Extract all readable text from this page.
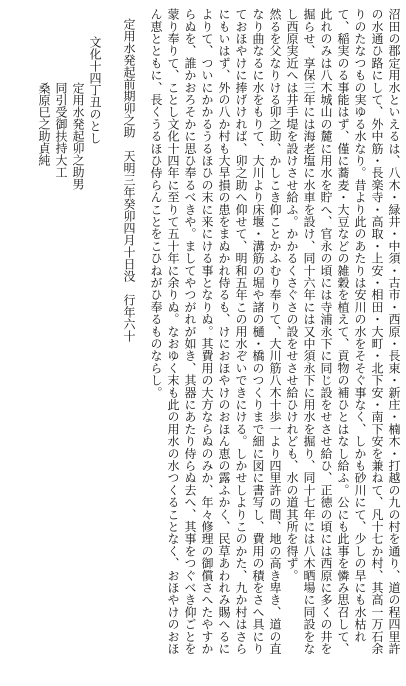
沼田の郡定用水といえるは、八木・緑井・中須・古市・西原・長束・新庄・楠木・打越の九の村を通り、道の程四里許の水通ひ路にして、外中筋・長楽寺・高取・上安・相田・大町・北下安・南下安を兼ねて、凡十七か村、其高一万石余りのたなつもの実ゆる水なり。昔より此のあたりは安川の水をそそぐ事なく、しかも砂川にて、少しの旱にも水枯れて、稲実のる事能はず、僅に蕎麦・大豆などの雑穀を植えて、貢物の補ひとはなし給ふ。公にも此事を憐み思召して、此れのみは八木城山の麓に用水を貯へ、官永の頃には寺浦永下に同じ設をせさせ給ひ、正徳の頃には西原に多くの井を掘らせ、享保三年には海老塩に水車を設け、同十六年には又中須永下に用水を掘り、同十七年には八木晒場に同設をなし西原実近へは井手堤を設けさせ給ふ。かかるくさぐさの設をせさせ給ひけれども、水の道其所を得ず。

然るを父なりける卯之助、かしこき仰ことかふむり奉りて、大川筋八木十歩一より四里許の間、地の高き卑き、道の直なり曲なるに水をもりて、大川より床堰・溝筋の堀や諸の樋・橋のつくりまで細に図に書写し、費用の積をさへ具にりておほやけに捧げければ、卯之助へ仰せて、明和五年この用水ぞいできにける。しかせしよりこのかた、九か村はさらにもいはず、外の八か村も大旱損の患をまぬかれ侍るも、けにおほやけのおほん恵の露ふかく、民草あわれみ賜へるによりて、ついにかかるうるほひの末に来にける事となりぬ。其費用の大方ならぬのみか、年々修理の御償さへたやすからぬを、誰かおろそかに思ひ奉るべきや。ましてやつがれが如き、其器にあたり侍らぬ去へ、其事をつぐべき仰ごとを蒙り奉りて、ことし文化十四年に至りて五十年に余りぬ。なおゆく末も此の用水の水つくることなく、おほやけのおほん恵とともに、長くうるほひ侍らんことをこひねがひ奉るものならし。

定用水発起前期卯之助　天明三年癸卯四月十日没　行年六十

文化十四丁丑のとし
定用水発起卯之助男
同引受御扶持大工
桑原巳之助貞純
